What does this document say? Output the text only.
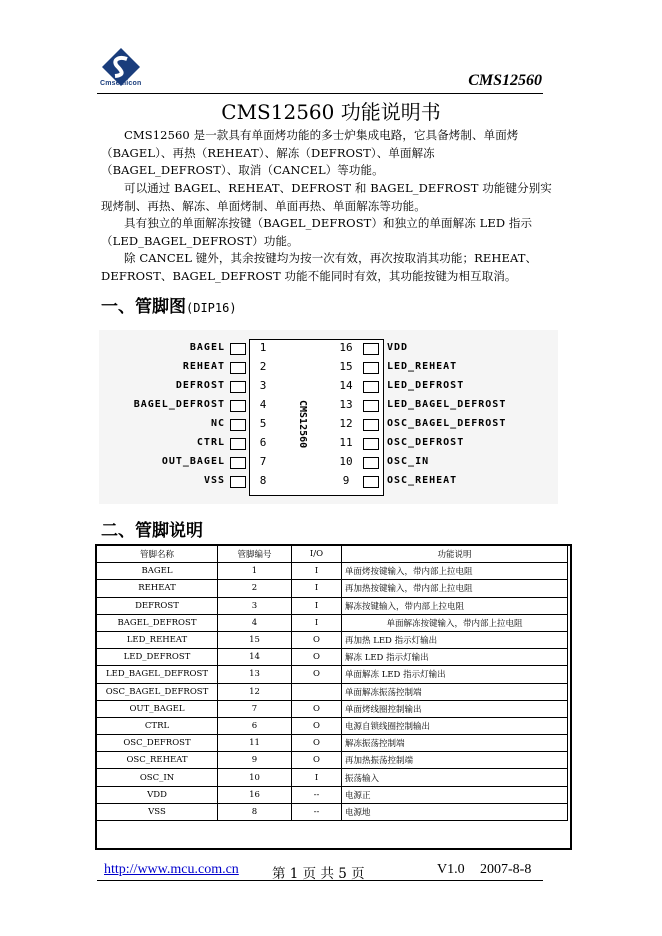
Cmsemicon	CMS12560
CMS12560 功能说明书
CMS12560 是一款具有单面烤功能的多士炉集成电路，它具备烤制、单面烤（BAGEL）、再热（REHEAT）、解冻（DEFROST）、单面解冻（BAGEL_DEFROST）、取消（CANCEL）等功能。
可以通过 BAGEL、REHEAT、DEFROST 和 BAGEL_DEFROST 功能键分别实现烤制、再热、解冻、单面烤制、单面再热、单面解冻等功能。
具有独立的单面解冻按键（BAGEL_DEFROST）和独立的单面解冻 LED 指示（LED_BAGEL_DEFROST）功能。
除 CANCEL 键外，其余按键均为按一次有效，再次按取消其功能；REHEAT、DEFROST、BAGEL_DEFROST 功能不能同时有效，其功能按键为相互取消。
一、管脚图(DIP16)
CMS12560
BAGEL	1
REHEAT	2
DEFROST	3
BAGEL_DEFROST	4
NC	5
CTRL	6
OUT_BAGEL	7
VSS	8
16	VDD
15	LED_REHEAT
14	LED_DEFROST
13	LED_BAGEL_DEFROST
12	OSC_BAGEL_DEFROST
11	OSC_DEFROST
10	OSC_IN
9	OSC_REHEAT
二、管脚说明
管脚名称	管脚编号	I/O	功能说明
BAGEL	1	I	单面烤按键输入，带内部上拉电阻
REHEAT	2	I	再加热按键输入，带内部上拉电阻
DEFROST	3	I	解冻按键输入，带内部上拉电阻
BAGEL_DEFROST	4	I	单面解冻按键输入，带内部上拉电阻
LED_REHEAT	15	O	再加热 LED 指示灯输出
LED_DEFROST	14	O	解冻 LED 指示灯输出
LED_BAGEL_DEFROST	13	O	单面解冻 LED 指示灯输出
OSC_BAGEL_DEFROST	12		单面解冻振荡控制端
OUT_BAGEL	7	O	单面烤线圈控制输出
CTRL	6	O	电源自锁线圈控制输出
OSC_DEFROST	11	O	解冻振荡控制端
OSC_REHEAT	9	O	再加热振荡控制端
OSC_IN	10	I	振荡输入
VDD	16	--	电源正
VSS	8	--	电源地
http://www.mcu.com.cn 第 1 页 共 5 页	V1.0 2007-8-8
